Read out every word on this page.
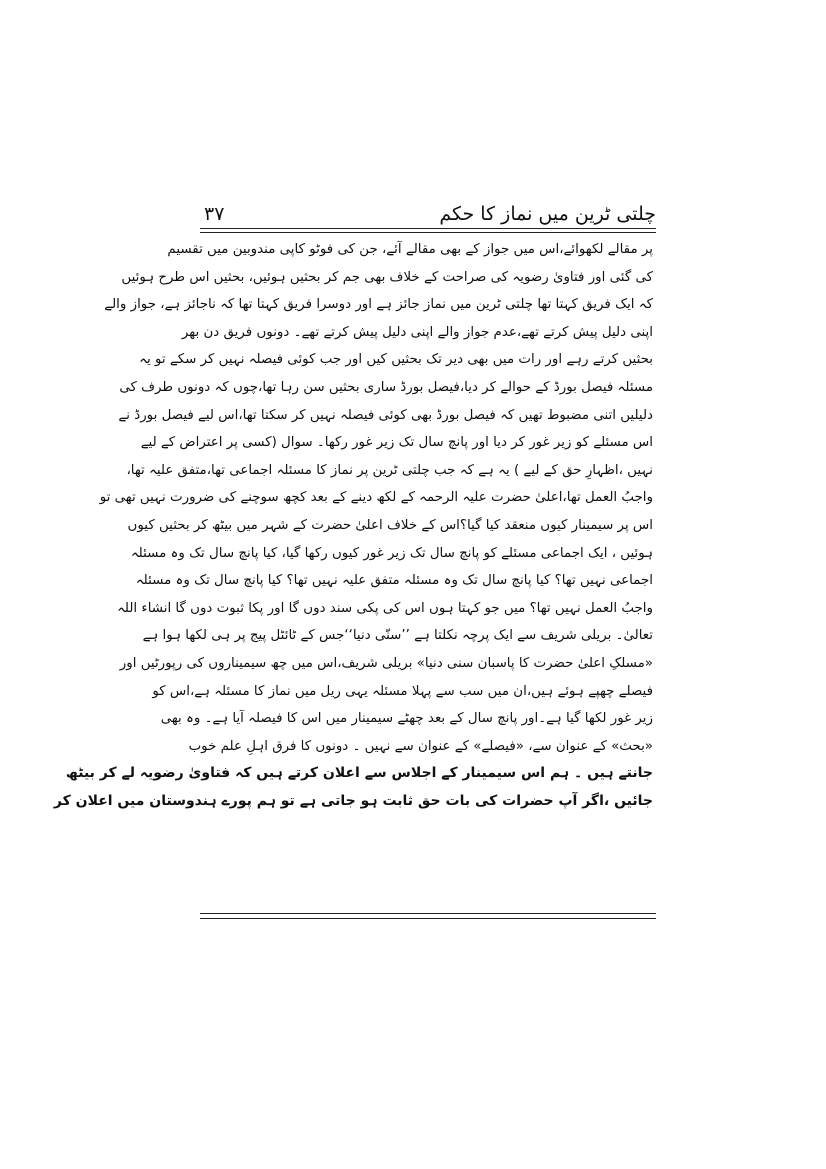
چلتی ٹرین میں نماز کا حکم
۳۷
پر مقالے لکھوائے،اس میں جواز کے بھی مقالے آئے، جن کی فوٹو کاپی مندوبین میں تقسیم
کی گئی اور فتاویٰ رضویہ کی صراحت کے خلاف بھی جم کر بحثیں ہوئیں، بحثیں اس طرح ہوئیں
کہ ایک فریق کہتا تھا چلتی ٹرین میں نماز جائز ہے اور دوسرا فریق کہتا تھا کہ ناجائز ہے، جواز والے
اپنی دلیل پیش کرتے تھے،عدم جواز والے اپنی دلیل پیش کرتے تھے۔ دونوں فریق دن بھر
بحثیں کرتے رہے اور رات میں بھی دیر تک بحثیں کیں اور جب کوئی فیصلہ نہیں کر سکے تو یہ
مسئلہ فیصل بورڈ کے حوالے کر دیا،فیصل بورڈ ساری بحثیں سن رہا تھا،چوں کہ دونوں طرف کی
دلیلیں اتنی مضبوط تھیں کہ فیصل بورڈ بھی کوئی فیصلہ نہیں کر سکتا تھا،اس لیے فیصل بورڈ نے
اس مسئلے کو زیر غور کر دیا اور پانچ سال تک زیر غور رکھا۔ سوال (کسی پر اعتراض کے لیے
نہیں ،اظہارِ حق کے لیے ) یہ ہے کہ جب چلتی ٹرین پر نماز کا مسئلہ اجماعی تھا،متفق علیہ تھا،
واجبُ العمل تھا،اعلیٰ حضرت علیہ الرحمہ کے لکھ دینے کے بعد کچھ سوچنے کی ضرورت نہیں تھی تو
اس پر سیمینار کیوں منعقد کیا گیا؟اس کے خلاف اعلیٰ حضرت کے شہر میں بیٹھ کر بحثیں کیوں
ہوئیں ، ایک اجماعی مسئلے کو پانچ سال تک زیر غور کیوں رکھا گیا، کیا پانچ سال تک وہ مسئلہ
اجماعی نہیں تھا؟ کیا پانچ سال تک وہ مسئلہ متفق علیہ نہیں تھا؟ کیا پانچ سال تک وہ مسئلہ
واجبُ العمل نہیں تھا؟ میں جو کہتا ہوں اس کی پکی سند دوں گا اور پکا ثبوت دوں گا انشاء اللہ
تعالیٰ۔ بریلی شریف سے ایک پرچہ نکلتا ہے ’’سنّی دنیا‘‘جس کے ٹائٹل پیج پر ہی لکھا ہوا ہے
«مسلکِ اعلیٰ حضرت کا پاسبان سنی دنیا» بریلی شریف،اس میں چھ سیمیناروں کی رپورٹیں اور
فیصلے چھپے ہوئے ہیں،ان میں سب سے پہلا مسئلہ یہی ریل میں نماز کا مسئلہ ہے،اس کو
زیر غور لکھا گیا ہے۔اور پانچ سال کے بعد چھٹے سیمینار میں اس کا فیصلہ آیا ہے۔ وہ بھی
«بحث» کے عنوان سے، «فیصلے» کے عنوان سے نہیں ۔ دونوں کا فرق اہلِ علم خوب
جانتے ہیں ۔ ہم اس سیمینار کے اجلاس سے اعلان کرتے ہیں کہ فتاویٰ رضویہ لے کر بیٹھ
جائیں ،اگر آپ حضرات کی بات حق ثابت ہو جاتی ہے تو ہم پورے ہندوستان میں اعلان کر
